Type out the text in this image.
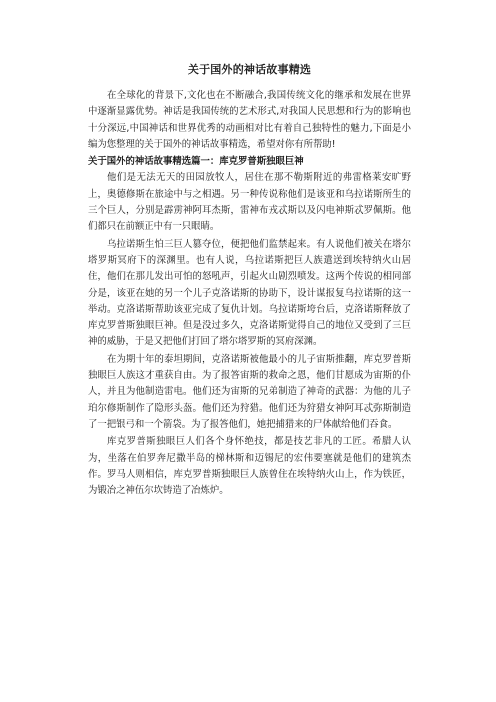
关于国外的神话故事精选

在全球化的背景下,文化也在不断融合,我国传统文化的继承和发展在世界中逐渐显露优势。神话是我国传统的艺术形式,对我国人民思想和行为的影响也十分深远,中国神话和世界优秀的动画相对比有着自己独特性的魅力,下面是小编为您整理的关于国外的神话故事精选，希望对你有所帮助!

关于国外的神话故事精选篇一：库克罗普斯独眼巨神

他们是无法无天的田园放牧人，居住在那不勒斯附近的弗雷格莱安旷野上，奥德修斯在旅途中与之相遇。另一种传说称他们是该亚和乌拉诺斯所生的三个巨人，分别是霹雳神阿耳杰斯，雷神布戎忒斯以及闪电神斯忒罗佩斯。他们都只在前额正中有一只眼睛。

乌拉诺斯生怕三巨人篡夺位，便把他们监禁起来。有人说他们被关在塔尔塔罗斯冥府下的深渊里。也有人说，乌拉诺斯把巨人族遣送到埃特纳火山居住，他们在那儿发出可怕的怒吼声，引起火山剧烈喷发。这两个传说的相同部分是，该亚在她的另一个儿子克洛诺斯的协助下，设计谋报复乌拉诺斯的这一举动。克洛诺斯帮助该亚完成了复仇计划。乌拉诺斯垮台后，克洛诺斯释放了库克罗普斯独眼巨神。但是没过多久，克洛诺斯觉得自己的地位又受到了三巨神的威胁，于是又把他们打回了塔尔塔罗斯的冥府深渊。

在为期十年的泰坦期间，克洛诺斯被他最小的儿子宙斯推翻，库克罗普斯独眼巨人族这才重获自由。为了报答宙斯的救命之恩，他们甘愿成为宙斯的仆人，并且为他制造雷电。他们还为宙斯的兄弟制造了神奇的武器：为他的儿子珀尔修斯制作了隐形头盔。他们还为狩猎。他们还为狩猎女神阿耳忒弥斯制造了一把银弓和一个箭袋。为了报答他们，她把捕猎来的尸体献给他们吞食。

库克罗普斯独眼巨人们各个身怀绝技，都是技艺非凡的工匠。希腊人认为，坐落在伯罗奔尼撒半岛的梯林斯和迈锡尼的宏伟要塞就是他们的建筑杰作。罗马人则相信，库克罗普斯独眼巨人族曾住在埃特纳火山上，作为铁匠，为锻冶之神伍尔坎铸造了冶炼炉。
